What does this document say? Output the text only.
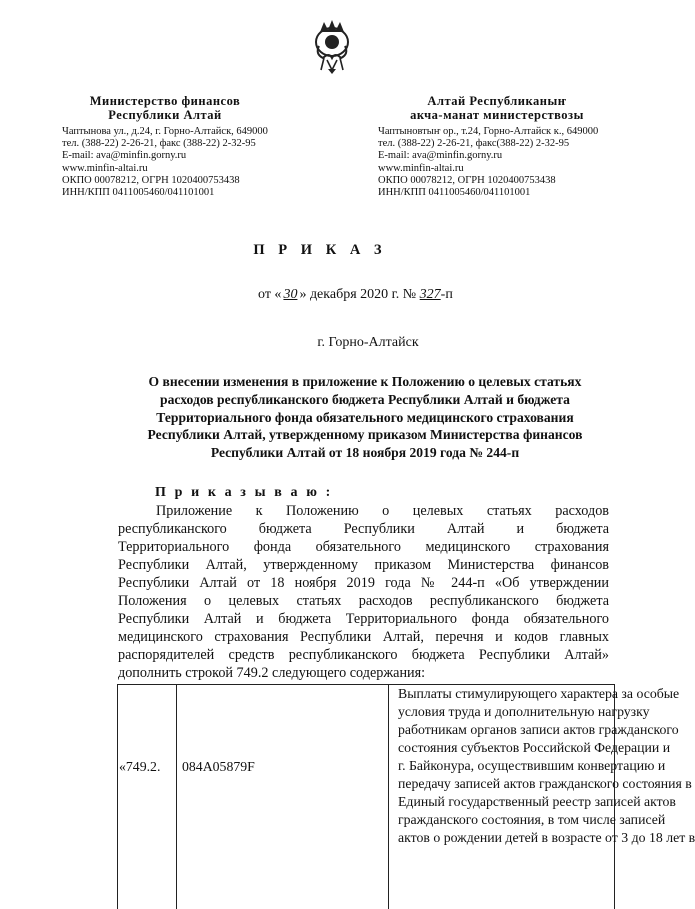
Министерство финансов
Республики Алтай
Чаптынова ул., д.24, г. Горно-Алтайск, 649000
тел. (388-22) 2-26-21, факс (388-22) 2-32-95
E-mail: ava@minfin.gorny.ru
www.minfin-altai.ru
ОКПО 00078212, ОГРН 1020400753438
ИНН/КПП 0411005460/041101001
Алтай Республиканыҥ
акча-манат министерствозы
Чаптыновтыҥ ор., т.24, Горно-Алтайск к., 649000
тел. (388-22) 2-26-21, факс(388-22) 2-32-95
E-mail: ava@minfin.gorny.ru
www.minfin-altai.ru
ОКПО 00078212, ОГРН 1020400753438
ИНН/КПП 0411005460/041101001
П Р И К А З
от « 30 » декабря 2020 г. № 327-п
г. Горно-Алтайск
О внесении изменения в приложение к Положению о целевых статьях
расходов республиканского бюджета Республики Алтай и бюджета
Территориального фонда обязательного медицинского страхования
Республики Алтай, утвержденному приказом Министерства финансов
Республики Алтай от 18 ноября 2019 года № 244-п
П р и к а з ы в а ю :
Приложение к Положению о целевых статьях расходов
республиканского бюджета Республики Алтай и бюджета
Территориального фонда обязательного медицинского страхования
Республики Алтай, утвержденному приказом Министерства финансов
Республики Алтай от 18 ноября 2019 года № 244-п «Об утверждении
Положения о целевых статьях расходов республиканского бюджета
Республики Алтай и бюджета Территориального фонда обязательного
медицинского страхования Республики Алтай, перечня и кодов главных
распорядителей средств республиканского бюджета Республики Алтай»
дополнить строкой 749.2 следующего содержания:
«749.2. 084A05879F
Выплаты стимулирующего характера за особые
условия труда и дополнительную нагрузку
работникам органов записи актов гражданского
состояния субъектов Российской Федерации и
г. Байконура, осуществившим конвертацию и
передачу записей актов гражданского состояния в
Единый государственный реестр записей актов
гражданского состояния, в том числе записей
актов о рождении детей в возрасте от 3 до 18 лет в
